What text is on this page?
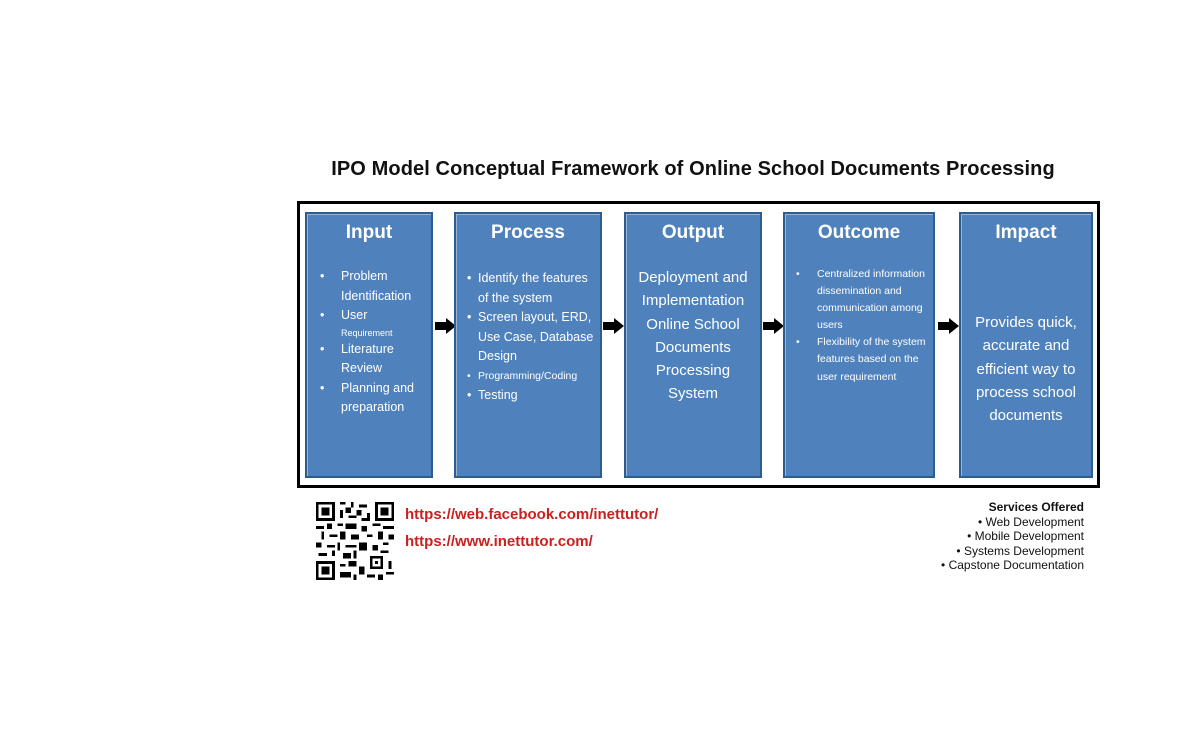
IPO Model Conceptual Framework of Online School Documents Processing
Input
• Problem Identification
• User
Requirement
• Literature Review
• Planning and preparation
Process
• Identify the features of the system
• Screen layout, ERD, Use Case, Database Design
• Programming/Coding
• Testing
Output
Deployment and Implementation Online School Documents Processing System
Outcome
• Centralized information dissemination and communication among users
• Flexibility of the system features based on the user requirement
Impact
Provides quick, accurate and efficient way to process school documents
https://web.facebook.com/inettutor/
https://www.inettutor.com/
Services Offered
• Web Development
• Mobile Development
• Systems Development
• Capstone Documentation
